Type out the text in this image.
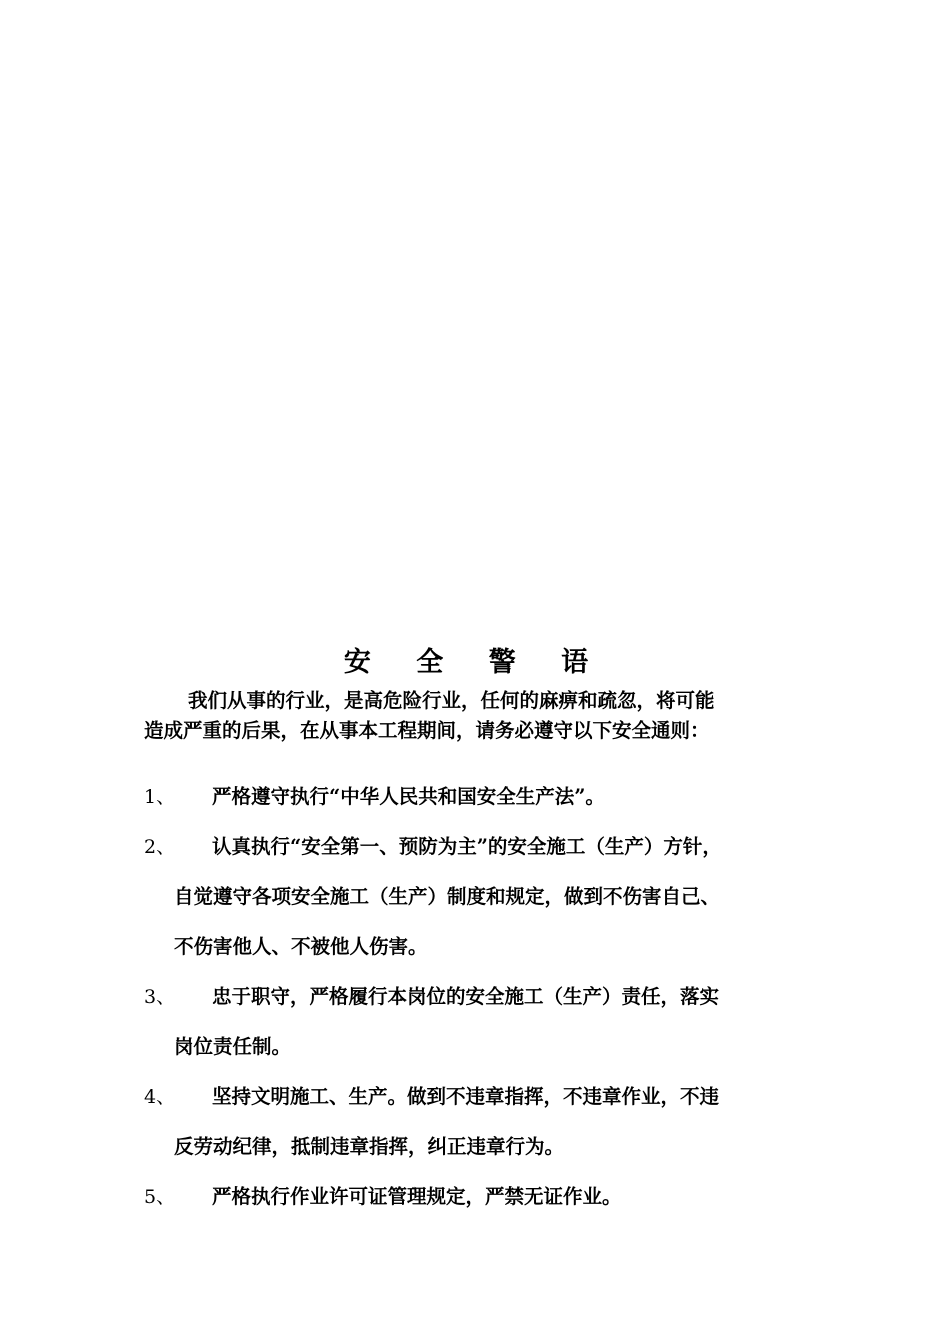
安 全 警 语
我们从事的行业，是高危险行业，任何的麻痹和疏忽，将可能
造成严重的后果，在从事本工程期间，请务必遵守以下安全通则：
1、	严格遵守执行“中华人民共和国安全生产法”。
2、	认真执行“安全第一、预防为主”的安全施工（生产）方针，
自觉遵守各项安全施工（生产）制度和规定，做到不伤害自己、
不伤害他人、不被他人伤害。
3、	忠于职守，严格履行本岗位的安全施工（生产）责任，落实
岗位责任制。
4、	坚持文明施工、生产。做到不违章指挥，不违章作业，不违
反劳动纪律，抵制违章指挥，纠正违章行为。
5、	严格执行作业许可证管理规定，严禁无证作业。
